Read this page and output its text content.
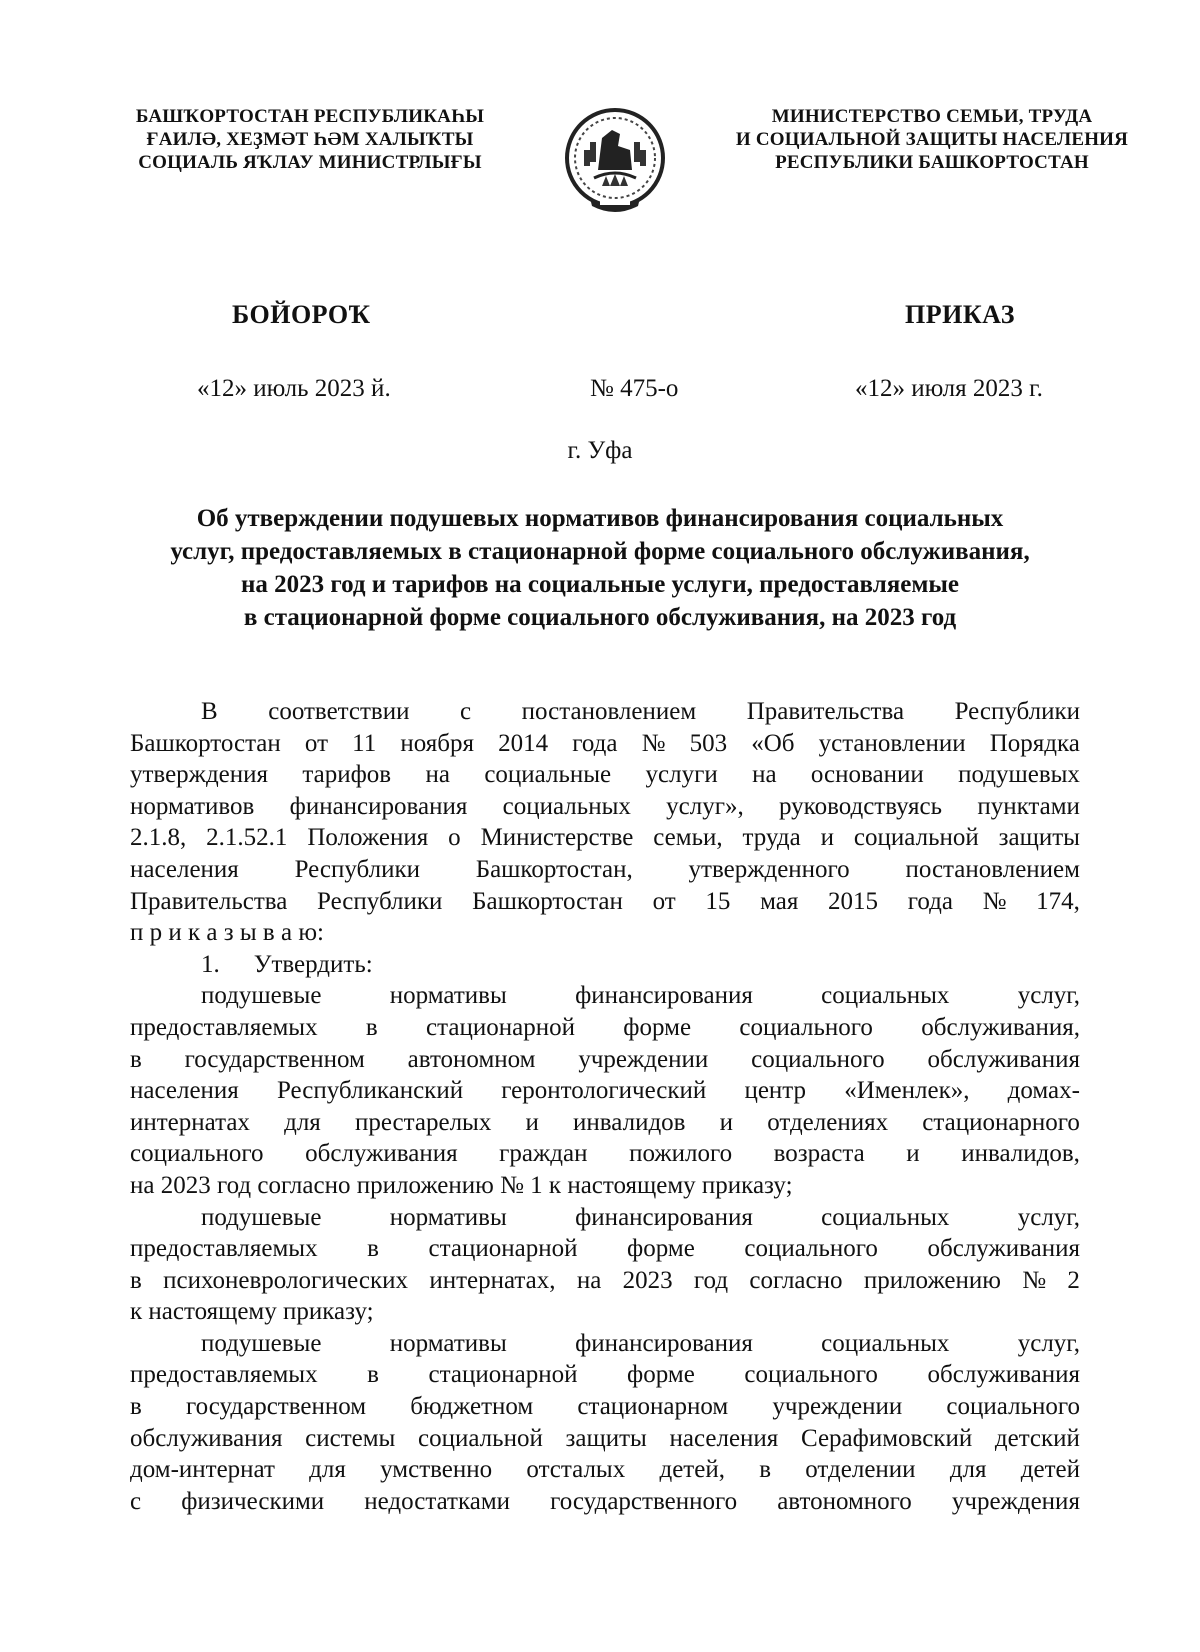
БАШҠОРТОСТАН РЕСПУБЛИКАҺЫ
ҒАИЛӘ, ХЕҘМӘТ ҺӘМ ХАЛЫҠТЫ
СОЦИАЛЬ ЯҠЛАУ МИНИСТРЛЫҒЫ
МИНИСТЕРСТВО СЕМЬИ, ТРУДА
И СОЦИАЛЬНОЙ ЗАЩИТЫ НАСЕЛЕНИЯ
РЕСПУБЛИКИ БАШКОРТОСТАН
БОЙОРОҠ	ПРИКАЗ
«12» июль 2023 й.	№ 475-о	«12» июля 2023 г.
г. Уфа
Об утверждении подушевых нормативов финансирования социальных
услуг, предоставляемых в стационарной форме социального обслуживания,
на 2023 год и тарифов на социальные услуги, предоставляемые
в стационарной форме социального обслуживания, на 2023 год
В соответствии с постановлением Правительства Республики
Башкортостан от 11 ноября 2014 года № 503 «Об установлении Порядка
утверждения тарифов на социальные услуги на основании подушевых
нормативов финансирования социальных услуг», руководствуясь пунктами
2.1.8, 2.1.52.1 Положения о Министерстве семьи, труда и социальной защиты
населения Республики Башкортостан, утвержденного постановлением
Правительства Республики Башкортостан от 15 мая 2015 года № 174,
п р и к а з ы в а ю:
1. Утвердить:
подушевые	нормативы	финансирования	социальных	услуг,
предоставляемых в стационарной форме социального обслуживания,
в государственном автономном учреждении социального обслуживания
населения Республиканский геронтологический центр «Именлек», домах-
интернатах для престарелых и инвалидов и отделениях стационарного
социального обслуживания граждан пожилого возраста и инвалидов,
на 2023 год согласно приложению № 1 к настоящему приказу;
подушевые	нормативы	финансирования	социальных	услуг,
предоставляемых в стационарной форме социального обслуживания
в психоневрологических интернатах, на 2023 год согласно приложению № 2
к настоящему приказу;
подушевые	нормативы	финансирования	социальных	услуг,
предоставляемых в стационарной форме социального обслуживания
в государственном бюджетном стационарном учреждении социального
обслуживания системы социальной защиты населения Серафимовский детский
дом-интернат для умственно отсталых детей, в отделении для детей
с физическими недостатками государственного автономного учреждения
